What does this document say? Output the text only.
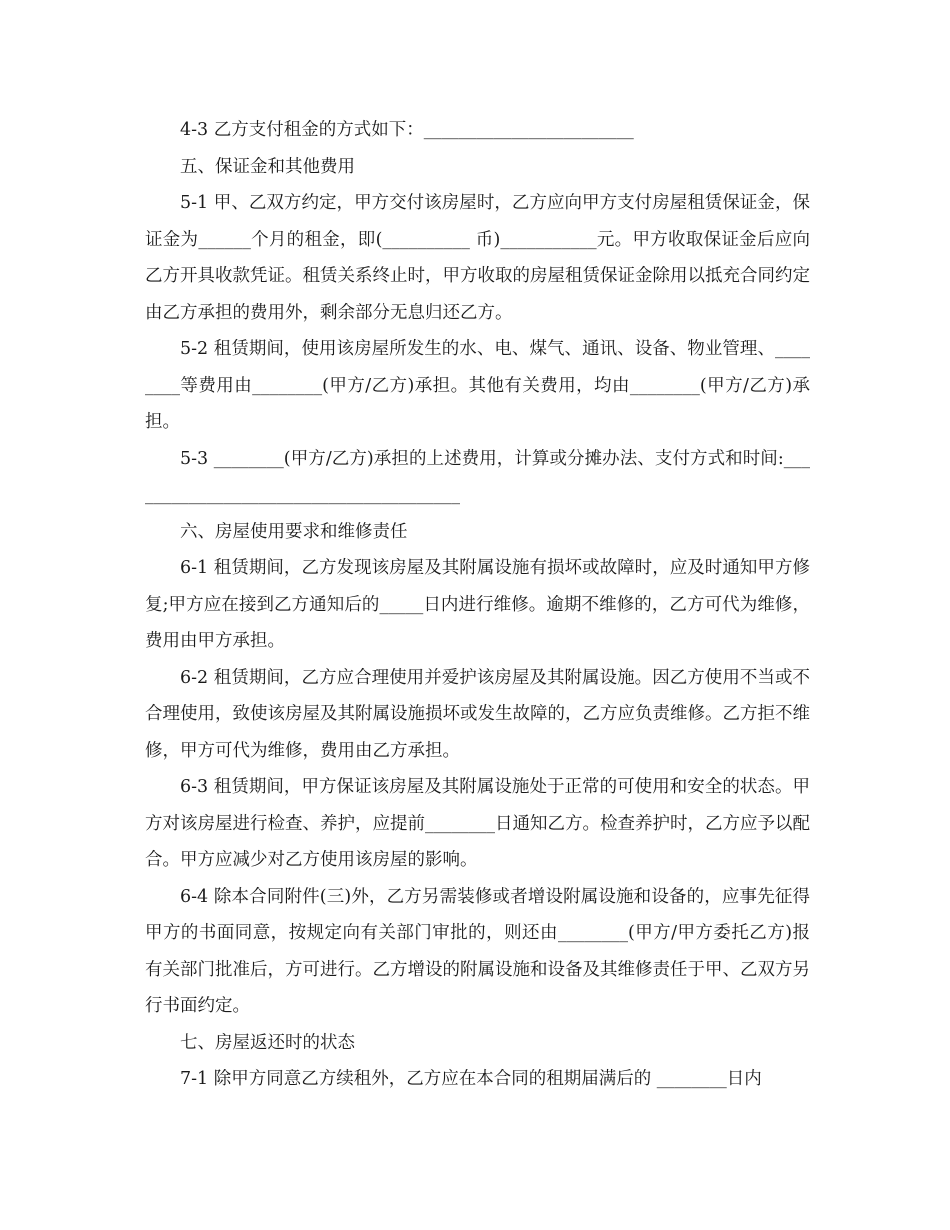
4-3 乙方支付租金的方式如下：________________________

五、保证金和其他费用

5-1 甲、乙双方约定，甲方交付该房屋时，乙方应向甲方支付房屋租赁保证金，保证金为______个月的租金，即(__________ 币)___________元。甲方收取保证金后应向乙方开具收款凭证。租赁关系终止时，甲方收取的房屋租赁保证金除用以抵充合同约定由乙方承担的费用外，剩余部分无息归还乙方。

5-2 租赁期间，使用该房屋所发生的水、电、煤气、通讯、设备、物业管理、________等费用由________(甲方/乙方)承担。其他有关费用，均由________(甲方/乙方)承担。

5-3 ________(甲方/乙方)承担的上述费用，计算或分摊办法、支付方式和时间:_______________________________________

六、房屋使用要求和维修责任

6-1 租赁期间，乙方发现该房屋及其附属设施有损坏或故障时，应及时通知甲方修复;甲方应在接到乙方通知后的_____日内进行维修。逾期不维修的，乙方可代为维修，费用由甲方承担。

6-2 租赁期间，乙方应合理使用并爱护该房屋及其附属设施。因乙方使用不当或不合理使用，致使该房屋及其附属设施损坏或发生故障的，乙方应负责维修。乙方拒不维修，甲方可代为维修，费用由乙方承担。

6-3 租赁期间，甲方保证该房屋及其附属设施处于正常的可使用和安全的状态。甲方对该房屋进行检查、养护，应提前________日通知乙方。检查养护时，乙方应予以配合。甲方应减少对乙方使用该房屋的影响。

6-4 除本合同附件(三)外，乙方另需装修或者增设附属设施和设备的，应事先征得甲方的书面同意，按规定向有关部门审批的，则还由________(甲方/甲方委托乙方)报有关部门批准后，方可进行。乙方增设的附属设施和设备及其维修责任于甲、乙双方另行书面约定。

七、房屋返还时的状态

7-1 除甲方同意乙方续租外，乙方应在本合同的租期届满后的 ________日内
